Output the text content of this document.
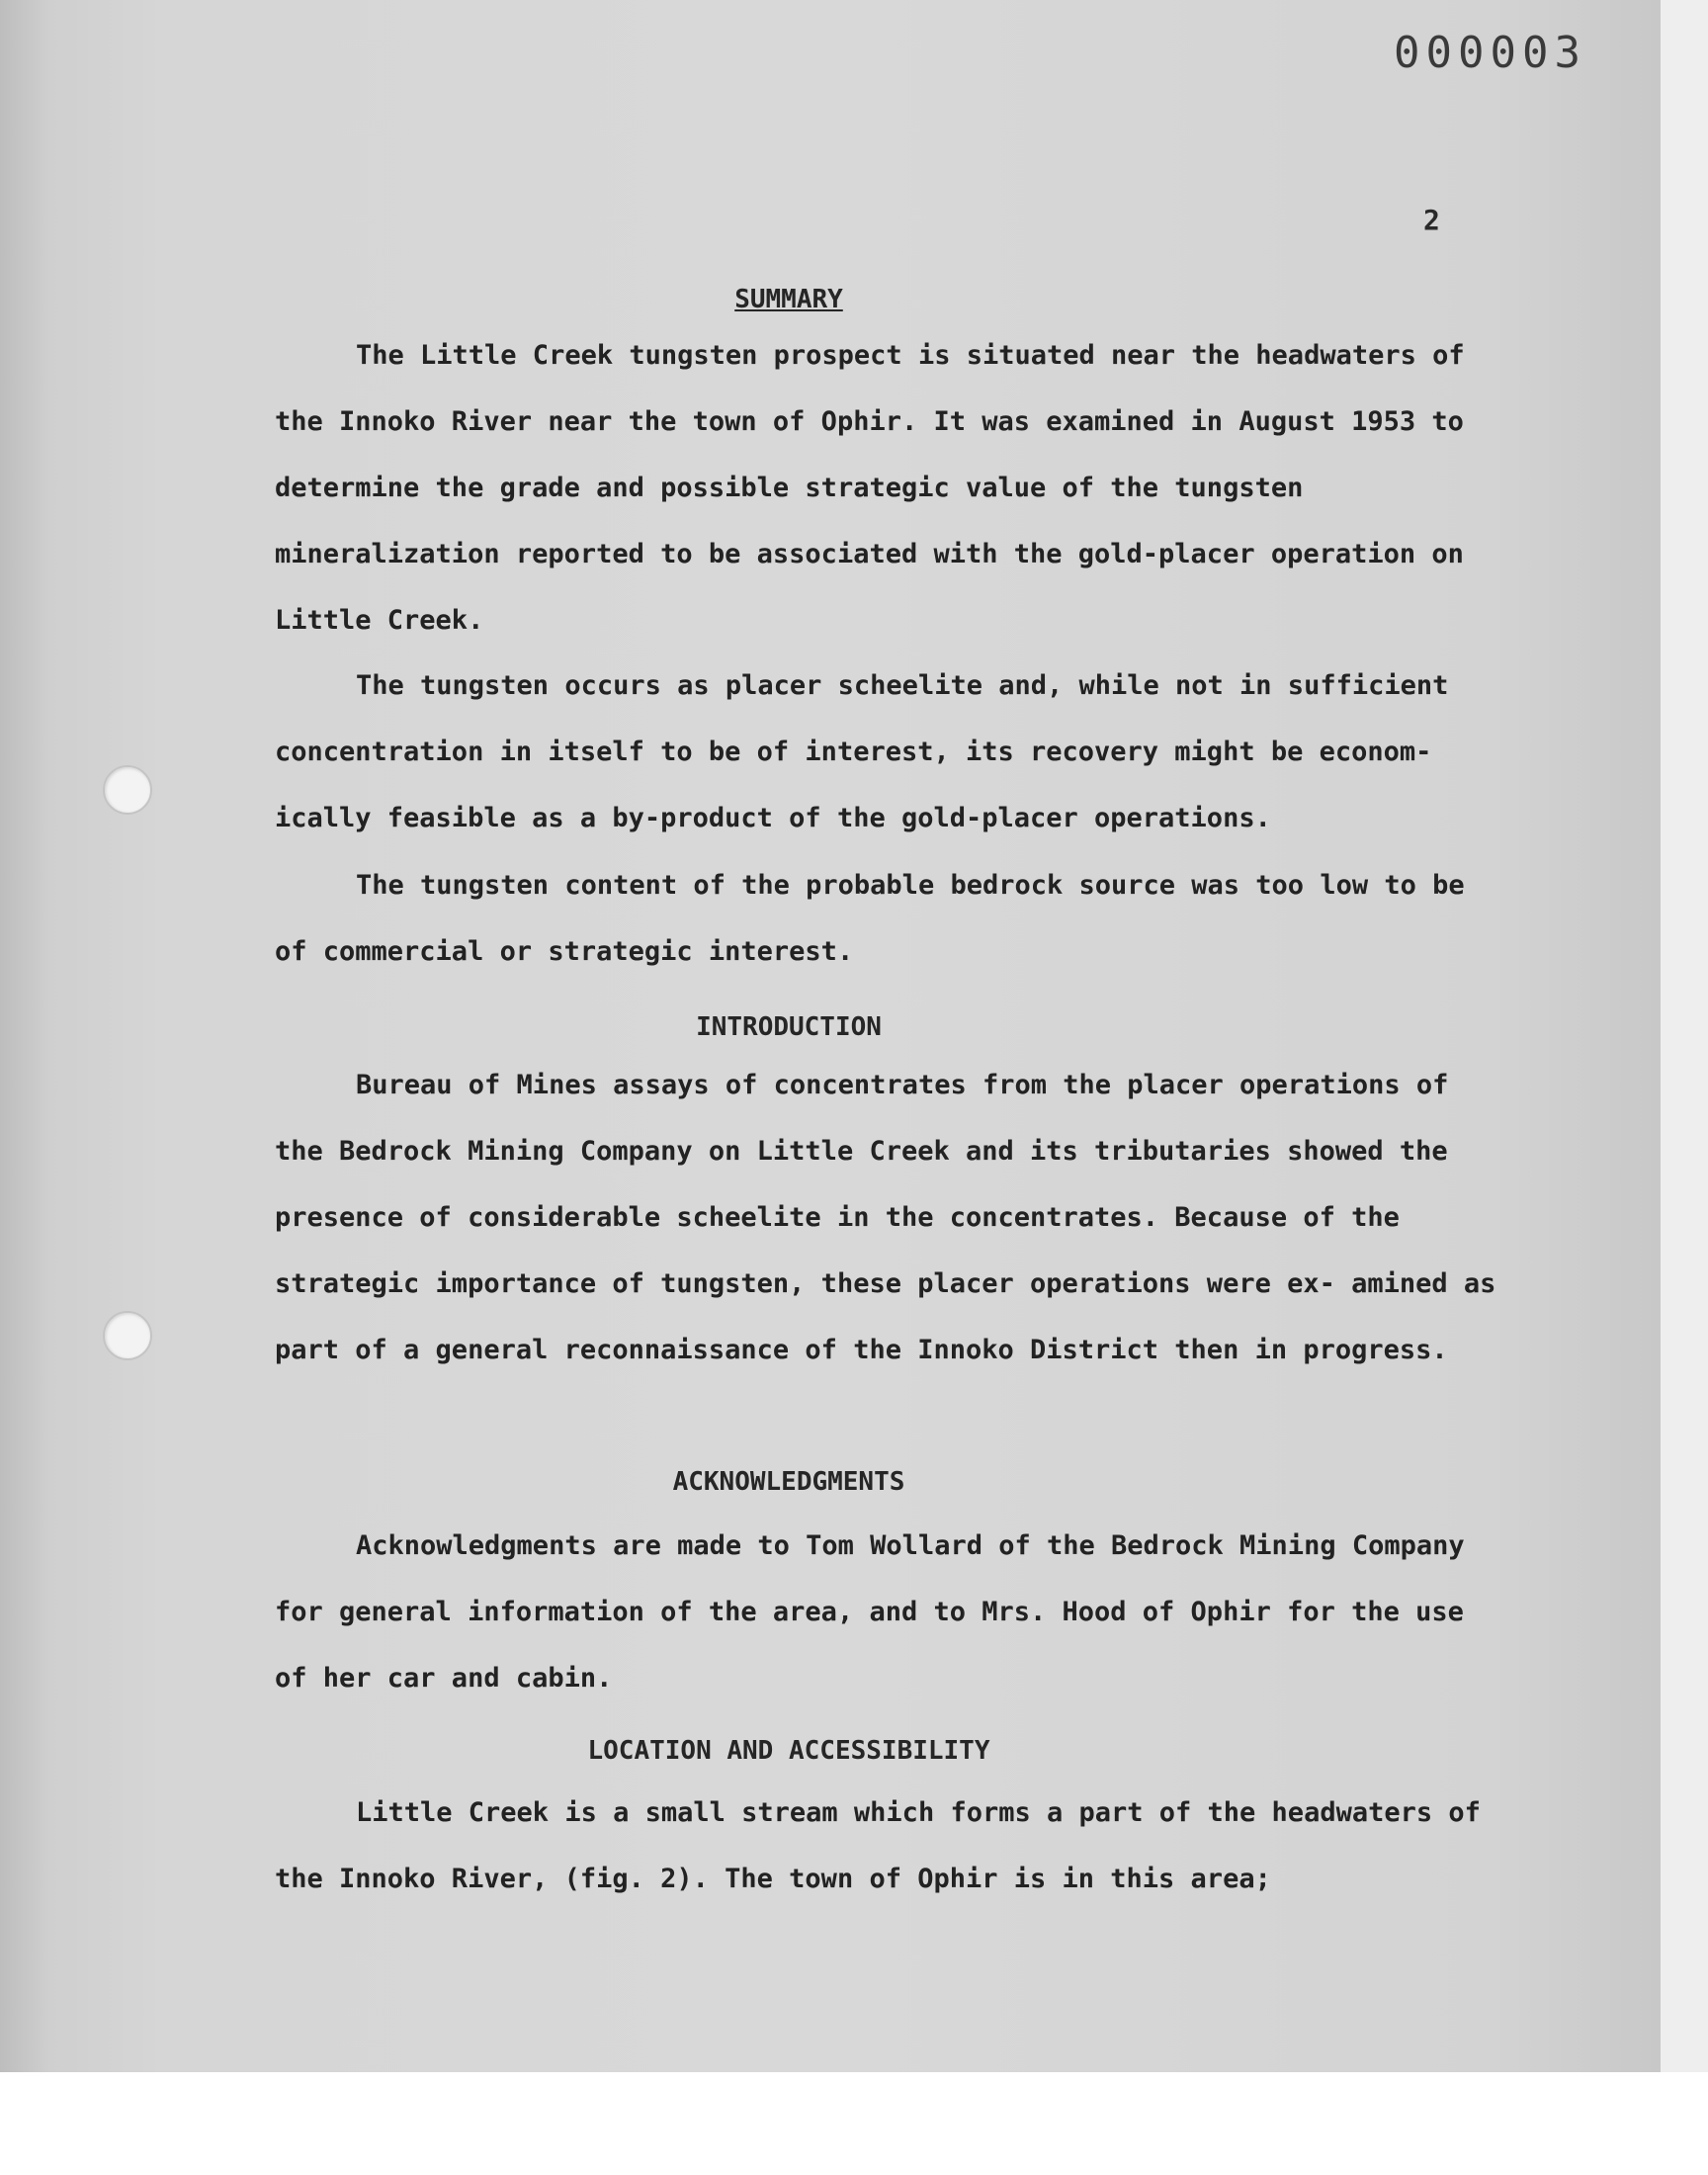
000003
2
SUMMARY

The Little Creek tungsten prospect is situated near the headwaters of the Innoko River near the town of Ophir. It was examined in August 1953 to determine the grade and possible strategic value of the tungsten mineralization reported to be associated with the gold-placer operation on Little Creek.

The tungsten occurs as placer scheelite and, while not in sufficient concentration in itself to be of interest, its recovery might be econom- ically feasible as a by-product of the gold-placer operations.

The tungsten content of the probable bedrock source was too low to be of commercial or strategic interest.

INTRODUCTION

Bureau of Mines assays of concentrates from the placer operations of the Bedrock Mining Company on Little Creek and its tributaries showed the presence of considerable scheelite in the concentrates. Because of the strategic importance of tungsten, these placer operations were ex- amined as part of a general reconnaissance of the Innoko District then in progress.

ACKNOWLEDGMENTS

Acknowledgments are made to Tom Wollard of the Bedrock Mining Company for general information of the area, and to Mrs. Hood of Ophir for the use of her car and cabin.

LOCATION AND ACCESSIBILITY

Little Creek is a small stream which forms a part of the headwaters of the Innoko River, (fig. 2). The town of Ophir is in this area;
